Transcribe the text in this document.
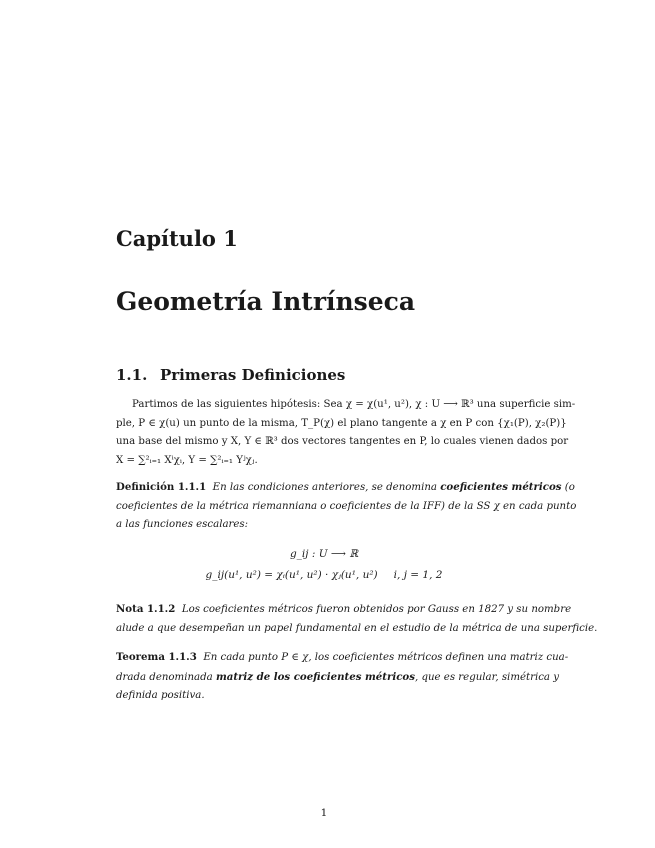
Capítulo 1
Geometría Intrínseca
1.1. Primeras Definiciones
Partimos de las siguientes hipótesis: Sea χ = χ(u¹, u²), χ : U ⟶ ℝ³ una superficie sim-
ple, P ∈ χ(u) un punto de la misma, T_P(χ) el plano tangente a χ en P con {χ₁(P), χ₂(P)}
una base del mismo y X, Y ∈ ℝ³ dos vectores tangentes en P, lo cuales vienen dados por
X = ∑²ᵢ₌₁ Xⁱχᵢ, Y = ∑²ᵢ₌₁ Yʲχⱼ.
Definición 1.1.1 En las condiciones anteriores, se denomina coeficientes métricos (o
coeficientes de la métrica riemanniana o coeficientes de la IFF) de la SS χ en cada punto
a las funciones escalares:
g_ij : U ⟶ ℝ
g_ij(u¹, u²) = χᵢ(u¹, u²) · χⱼ(u¹, u²) i, j = 1, 2
Nota 1.1.2 Los coeficientes métricos fueron obtenidos por Gauss en 1827 y su nombre
alude a que desempeñan un papel fundamental en el estudio de la métrica de una superficie.
Teorema 1.1.3 En cada punto P ∈ χ, los coeficientes métricos definen una matriz cua-
drada denominada matriz de los coeficientes métricos, que es regular, simétrica y
definida positiva.
1
